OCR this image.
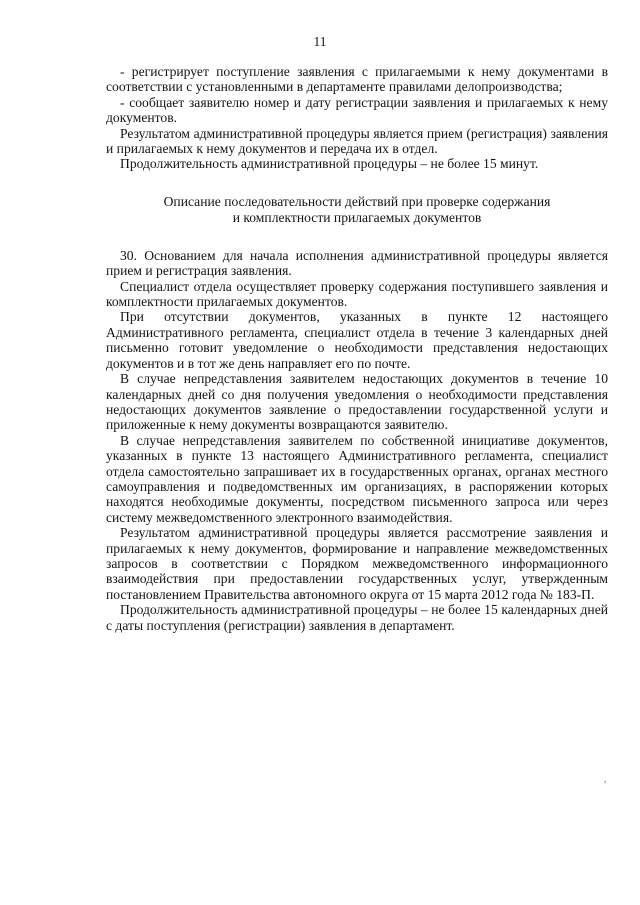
11

- регистрирует поступление заявления с прилагаемыми к нему документами в соответствии с установленными в департаменте правилами делопроизводства;

- сообщает заявителю номер и дату регистрации заявления и прилагаемых к нему документов.

Результатом административной процедуры является прием (регистрация) заявления и прилагаемых к нему документов и передача их в отдел.

Продолжительность административной процедуры – не более 15 минут.

Описание последовательности действий при проверке содержания
и комплектности прилагаемых документов

30. Основанием для начала исполнения административной процедуры является прием и регистрация заявления.

Специалист отдела осуществляет проверку содержания поступившего заявления и комплектности прилагаемых документов.

При отсутствии документов, указанных в пункте 12 настоящего Административного регламента, специалист отдела в течение 3 календарных дней письменно готовит уведомление о необходимости представления недостающих документов и в тот же день направляет его по почте.

В случае непредставления заявителем недостающих документов в течение 10 календарных дней со дня получения уведомления о необходимости представления недостающих документов заявление о предоставлении государственной услуги и приложенные к нему документы возвращаются заявителю.

В случае непредставления заявителем по собственной инициативе документов, указанных в пункте 13 настоящего Административного регламента, специалист отдела самостоятельно запрашивает их в государственных органах, органах местного самоуправления и подведомственных им организациях, в распоряжении которых находятся необходимые документы, посредством письменного запроса или через систему межведомственного электронного взаимодействия.

Результатом административной процедуры является рассмотрение заявления и прилагаемых к нему документов, формирование и направление межведомственных запросов в соответствии с Порядком межведомственного информационного взаимодействия при предоставлении государственных услуг, утвержденным постановлением Правительства автономного округа от 15 марта 2012 года № 183-П.

Продолжительность административной процедуры – не более 15 календарных дней с даты поступления (регистрации) заявления в департамент.

,
